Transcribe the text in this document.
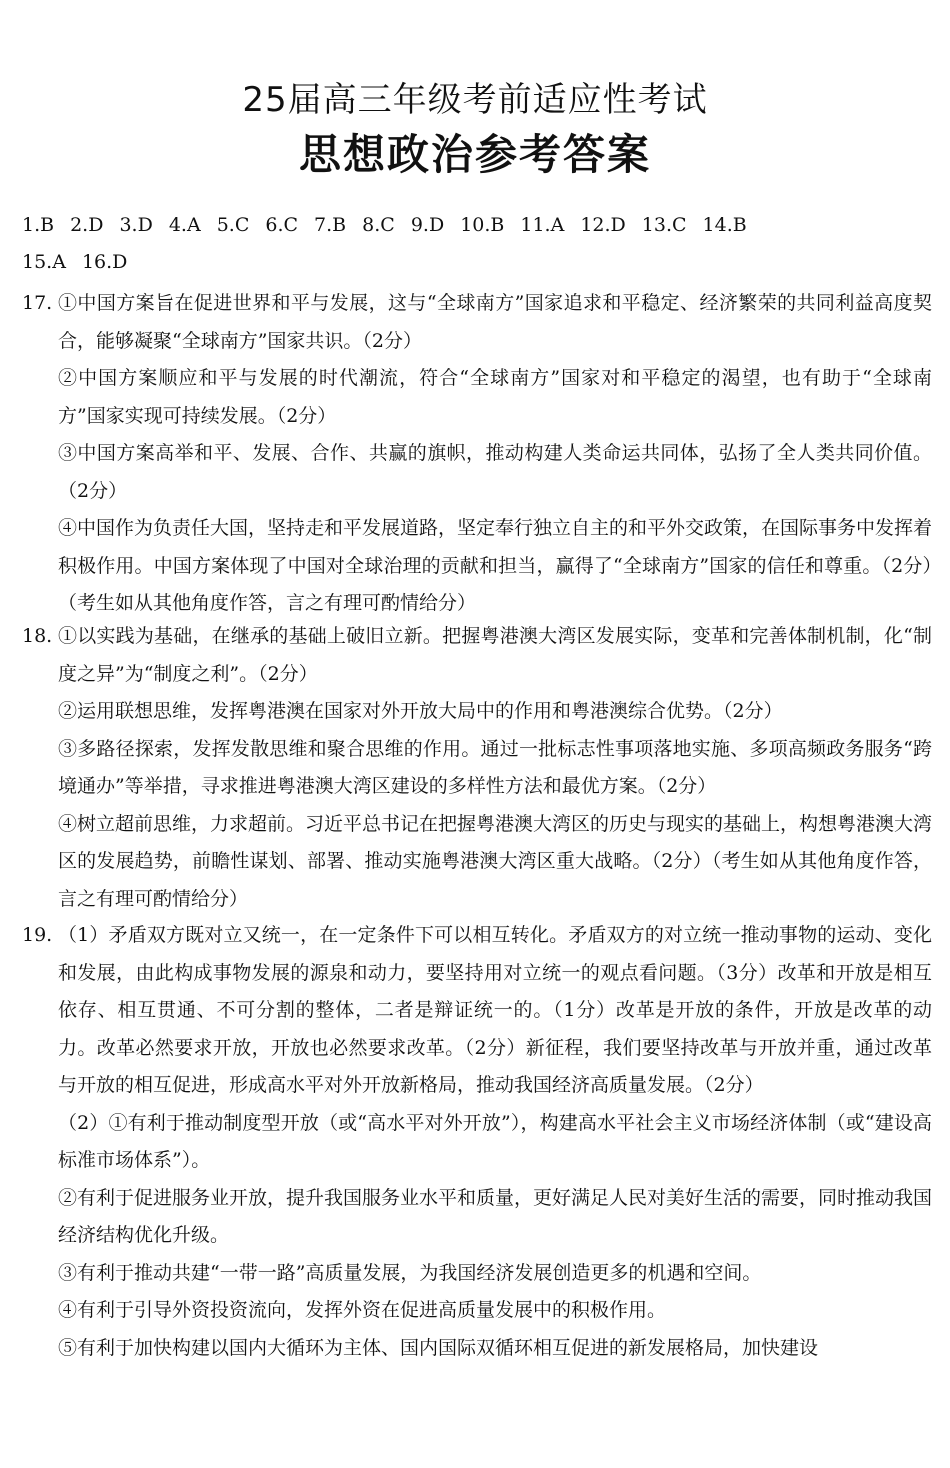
25届高三年级考前适应性考试
思想政治参考答案
1.B 2.D 3.D 4.A 5.C 6.C 7.B 8.C 9.D 10.B 11.A 12.D 13.C 14.B
15.A 16.D
17. ①中国方案旨在促进世界和平与发展，这与“全球南方”国家追求和平稳定、经济繁荣的共同利益高度契合，能够凝聚“全球南方”国家共识。（2分）
②中国方案顺应和平与发展的时代潮流，符合“全球南方”国家对和平稳定的渴望，也有助于“全球南方”国家实现可持续发展。（2分）
③中国方案高举和平、发展、合作、共赢的旗帜，推动构建人类命运共同体，弘扬了全人类共同价值。（2分）
④中国作为负责任大国，坚持走和平发展道路，坚定奉行独立自主的和平外交政策，在国际事务中发挥着积极作用。中国方案体现了中国对全球治理的贡献和担当，赢得了“全球南方”国家的信任和尊重。（2分）（考生如从其他角度作答，言之有理可酌情给分）
18. ①以实践为基础，在继承的基础上破旧立新。把握粤港澳大湾区发展实际，变革和完善体制机制，化“制度之异”为“制度之利”。（2分）
②运用联想思维，发挥粤港澳在国家对外开放大局中的作用和粤港澳综合优势。（2分）
③多路径探索，发挥发散思维和聚合思维的作用。通过一批标志性事项落地实施、多项高频政务服务“跨境通办”等举措，寻求推进粤港澳大湾区建设的多样性方法和最优方案。（2分）
④树立超前思维，力求超前。习近平总书记在把握粤港澳大湾区的历史与现实的基础上，构想粤港澳大湾区的发展趋势，前瞻性谋划、部署、推动实施粤港澳大湾区重大战略。（2分）（考生如从其他角度作答，言之有理可酌情给分）
19. （1）矛盾双方既对立又统一，在一定条件下可以相互转化。矛盾双方的对立统一推动事物的运动、变化和发展，由此构成事物发展的源泉和动力，要坚持用对立统一的观点看问题。（3分）改革和开放是相互依存、相互贯通、不可分割的整体，二者是辩证统一的。（1分）改革是开放的条件，开放是改革的动力。改革必然要求开放，开放也必然要求改革。（2分）新征程，我们要坚持改革与开放并重，通过改革与开放的相互促进，形成高水平对外开放新格局，推动我国经济高质量发展。（2分）
（2）①有利于推动制度型开放（或“高水平对外开放”），构建高水平社会主义市场经济体制（或“建设高标准市场体系”）。
②有利于促进服务业开放，提升我国服务业水平和质量，更好满足人民对美好生活的需要，同时推动我国经济结构优化升级。
③有利于推动共建“一带一路”高质量发展，为我国经济发展创造更多的机遇和空间。
④有利于引导外资投资流向，发挥外资在促进高质量发展中的积极作用。
⑤有利于加快构建以国内大循环为主体、国内国际双循环相互促进的新发展格局，加快建设
